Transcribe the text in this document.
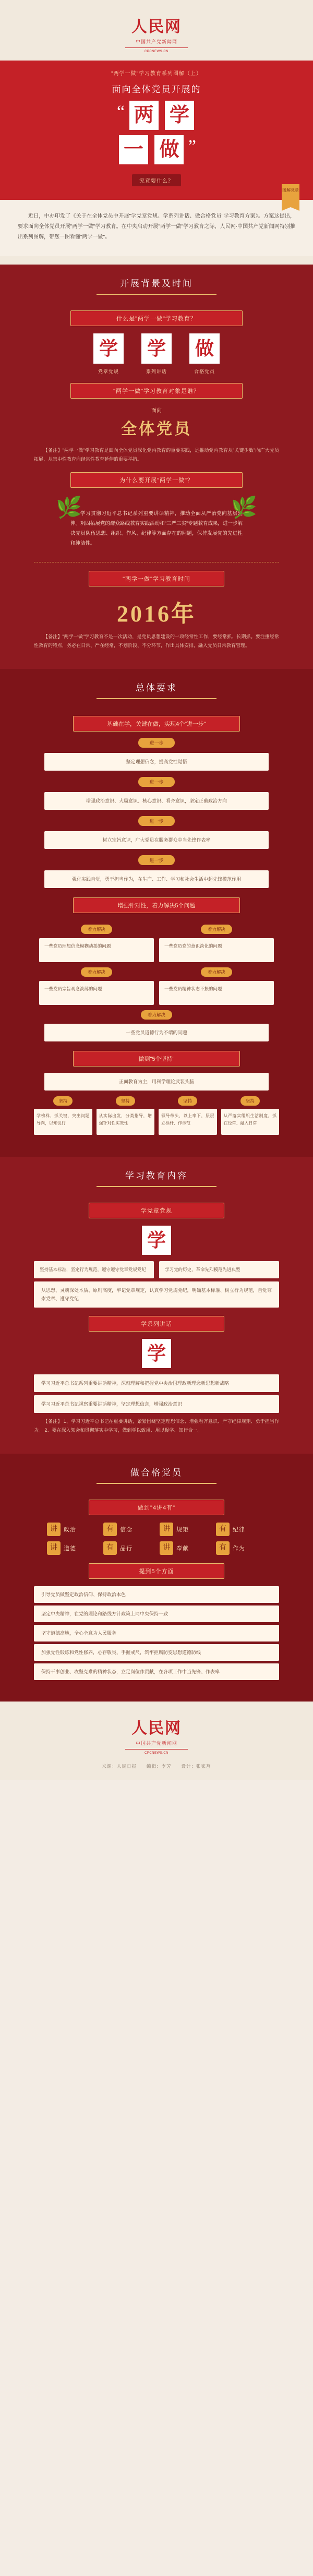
人民网
中国共产党新闻网
CPCNEWS.CN
"两学一做"学习教育系列图解（上）
面向全体党员开展的
“ 两 学
一 做 ”
究竟要什么？
图解党章
近日，中办印发了《关于在全体党员中开展"学党章党规、学系列讲话、做合格党员"学习教育方案》。方案这提出，要求面向全体党员开展"两学一做"学习教育。在中央启动开展"两学一做"学习教育之际，人民网·中国共产党新闻网特别推出系列图解，带您一图看懂"两学一做"。
开展背景及时间
什么是"两学一做"学习教育？
学
党章党规
学
系列讲话
做
合格党员
"两学一做"学习教育对象是谁？
面向
全体党员
【备注】"两学一做"学习教育是面向全体党员深化党内教育的重要实践，是推动党内教育从"关键少数"向广大党员拓展、从集中性教育向经常性教育延伸的重要举措。
为什么要开展"两学一做"？
🌿	🌿
学习贯彻习近平总书记系列重要讲话精神，推动全面从严治党向基层延伸。巩固拓展党的群众路线教育实践活动和"三严三实"专题教育成果，进一步解决党员队伍思想、组织、作风、纪律等方面存在的问题，保持发展党的先进性和纯洁性。
"两学一做"学习教育时间
2016年
【备注】"两学一做"学习教育不是一次活动，是党员思想建设的一项经常性工作，要经常抓、长期抓。要注重经常性教育的特点，务必在日常、严在经常，不划阶段、不分环节，作出具体安排，融入党员日常教育管理。
总体要求
基础在学，关键在做，实现4个"进一步"
进一步
坚定理想信念，提高党性觉悟
进一步
增强政治意识、大局意识、核心意识、看齐意识，坚定正确政治方向
进一步
树立宗旨意识，广大党员在服务群众中当先锋作表率
进一步
强化实践自觉，勇于担当作为，在生产、工作、学习和社会生活中起先锋模范作用
增强针对性，着力解决5个问题
着力解决
一些党员理想信念模糊动摇的问题
着力解决
一些党员党的意识淡化的问题
着力解决
一些党员宗旨观念淡薄的问题
着力解决
一些党员精神状态不振的问题
着力解决
一些党员道德行为不端的问题
做到"5个坚持"
正面教育为主，用科学理论武装头脑
坚持
学榜样、抓关键，突出问题导向，以知促行
坚持
从实际出发，分类指导，增强针对性实效性
坚持
领导带头，以上率下，层层立标杆、作示范
坚持
从严落实组织生活制度，抓在经常、融入日常
学习教育内容
学党章党规
学
坚持基本标准，坚定行为规范，遵守遵守党章党规党纪	学习党的历史，革命先烈模范先进典型
从思想、灵魂深处本质、原则高度，牢记党章规定，认真学习党规党纪，明确基本标准、树立行为规范，自觉尊崇党章、遵守党纪
学系列讲话
学
学习习近平总书记系列重要讲话精神，深刻理解和把握党中央治国理政新理念新思想新战略
学习习近平总书记视察重要讲话精神，坚定理想信念，增强政治意识
【备注】 1、学习习近平总书记在重要讲话，紧紧围绕坚定理想信念、增强看齐意识、严守纪律规矩、勇于担当作为。 2、要在深入领会和贯彻落实中学习，做到学以致用、用以促学、知行合一。
做合格党员
做到"4讲4有"
讲	政治	有	信念	讲	规矩	有	纪律
讲	道德	有	品行	讲	奉献	有	作为
提到5个方面
引导党员做坚定政治信仰、保持政治本色
坚定中央精神，在党的理论和路线方针政策上同中央保持一致
坚守道德高地，全心全意为人民服务
加强党性锻炼和党性修养，心存敬畏、手握戒尺，筑牢拒腐防变思想道德防线
保持干事创业、攻坚克难的精神状态，立足岗位作贡献，在各项工作中当先锋、作表率
人民网
中国共产党新闻网
CPCNEWS.CN
来源：人民日报　　编辑：李芳　　设计：张家菖
